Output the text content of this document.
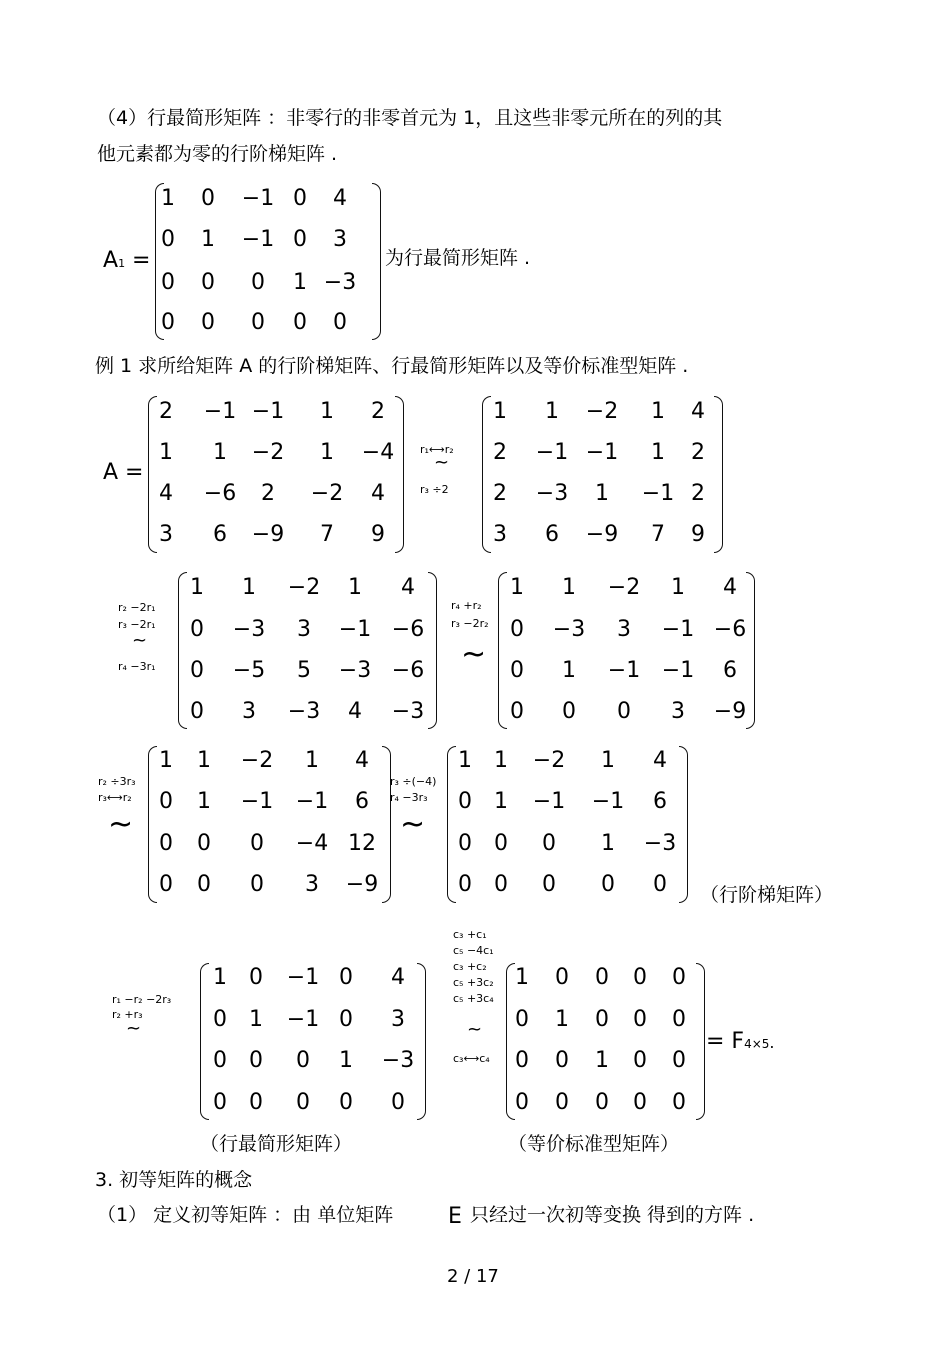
（4）行最简形矩阵 ：非零行的非零首元为 1，且这些非零元所在的列的其
他元素都为零的行阶梯矩阵 .
A1 =
1	0	−1 0	4
0	1	−1 0	3
0	0	0	1 −3
0	0	0	0	0
为行最简形矩阵 .
例 1 求所给矩阵 A 的行阶梯矩阵、行最简形矩阵以及等价标准型矩阵 .
A =
2	−1 −1	1	2
1	1	−2	1	−4
4	−6	2	−2	4
3	6	−9	7	9
1	1	−2	1	4
2	−1 −1	1	2
2	−3	1	−1 2
3	6	−9	7	9
1	1	−2	1	4
0	−3	3	−1 −6
0	−5	5	−3 −6
0	3	−3	4	−3
1	1	−2	1	4
0	−3	3	−1 −6
0	1	−1 −1	6
0	0	0	3	−9
1	1	−2	1	4
0	1	−1 −1	6
0	0	0	−4 12
0	0	0	3	−9
1	1	−2	1	4
0	1	−1 −1	6
0	0	0	1	−3
0	0	0	0	0	（行阶梯矩阵）
1	0	−1 0	4
0	1	−1 0	3
0	0	0	1	−3
0	0	0	0	0
1	0	0	0	0
0	1	0	0	0
0	0	1	0	0
0	0	0	0	0
= F4×5.
（行最简形矩阵）	（等价标准型矩阵）
3. 初等矩阵的概念
（1） 定义初等矩阵 ：由 单位矩阵 E 只经过一次初等变换 得到的方阵 .
2 / 17
r₁⟷r₂
~
r₃ ÷2
r₂ −2r₁
r₃ −2r₁
~
r₄ −3r₁
r₄ +r₂
r₃ −2r₂
~
r₂ ÷3r₃
r₃⟷r₂
~
r₃ ÷(−4)
r₄ −3r₃
~
r₁ −r₂ −2r₃
r₂ +r₃
~
c₃ +c₁
c₅ −4c₁
c₃ +c₂
c₅ +3c₂
c₅ +3c₄
~
c₃⟷c₄
